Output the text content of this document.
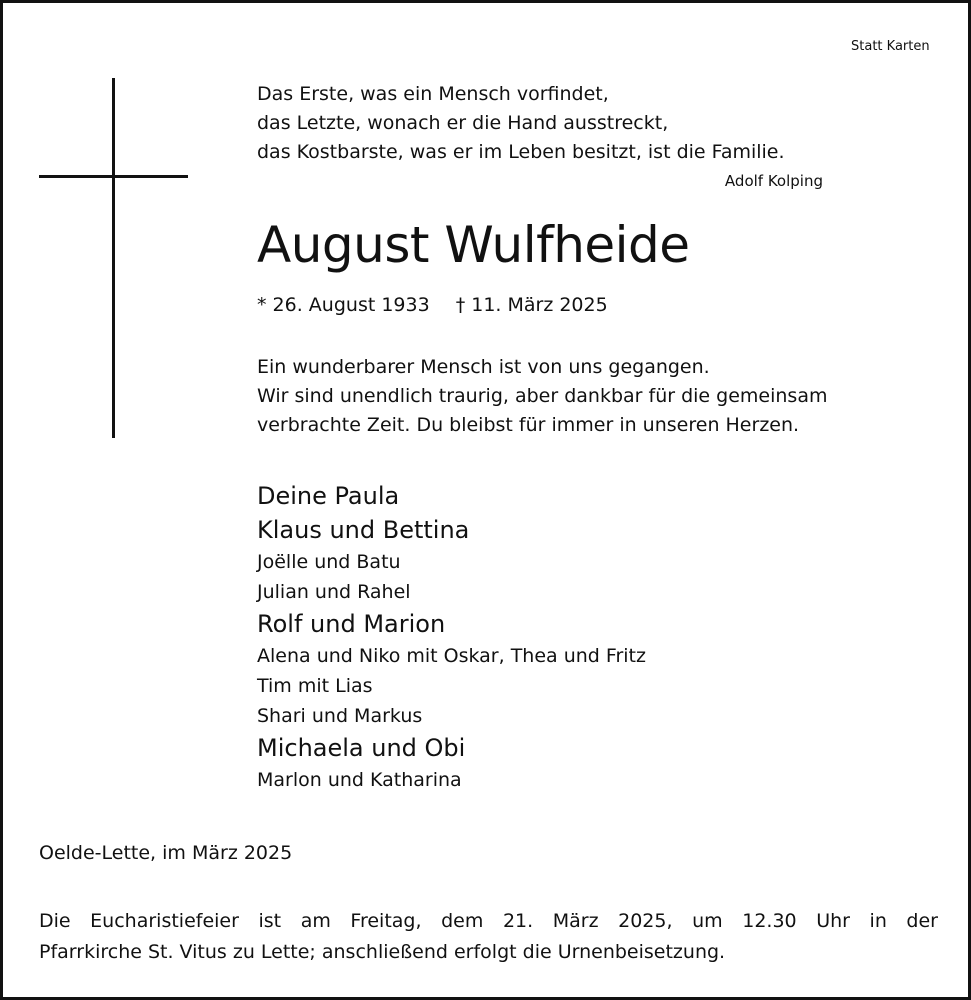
Statt Karten
Das Erste, was ein Mensch vorfindet,
das Letzte, wonach er die Hand ausstreckt,
das Kostbarste, was er im Leben besitzt, ist die Familie.
Adolf Kolping
August Wulfheide
* 26. August 1933 † 11. März 2025
Ein wunderbarer Mensch ist von uns gegangen.
Wir sind unendlich traurig, aber dankbar für die gemeinsam
verbrachte Zeit. Du bleibst für immer in unseren Herzen.
Deine Paula
Klaus und Bettina
Joëlle und Batu
Julian und Rahel
Rolf und Marion
Alena und Niko mit Oskar, Thea und Fritz
Tim mit Lias
Shari und Markus
Michaela und Obi
Marlon und Katharina
Oelde-Lette, im März 2025
Die Eucharistiefeier ist am Freitag, dem 21. März 2025, um 12.30 Uhr in der
Pfarrkirche St. Vitus zu Lette; anschließend erfolgt die Urnenbeisetzung.
